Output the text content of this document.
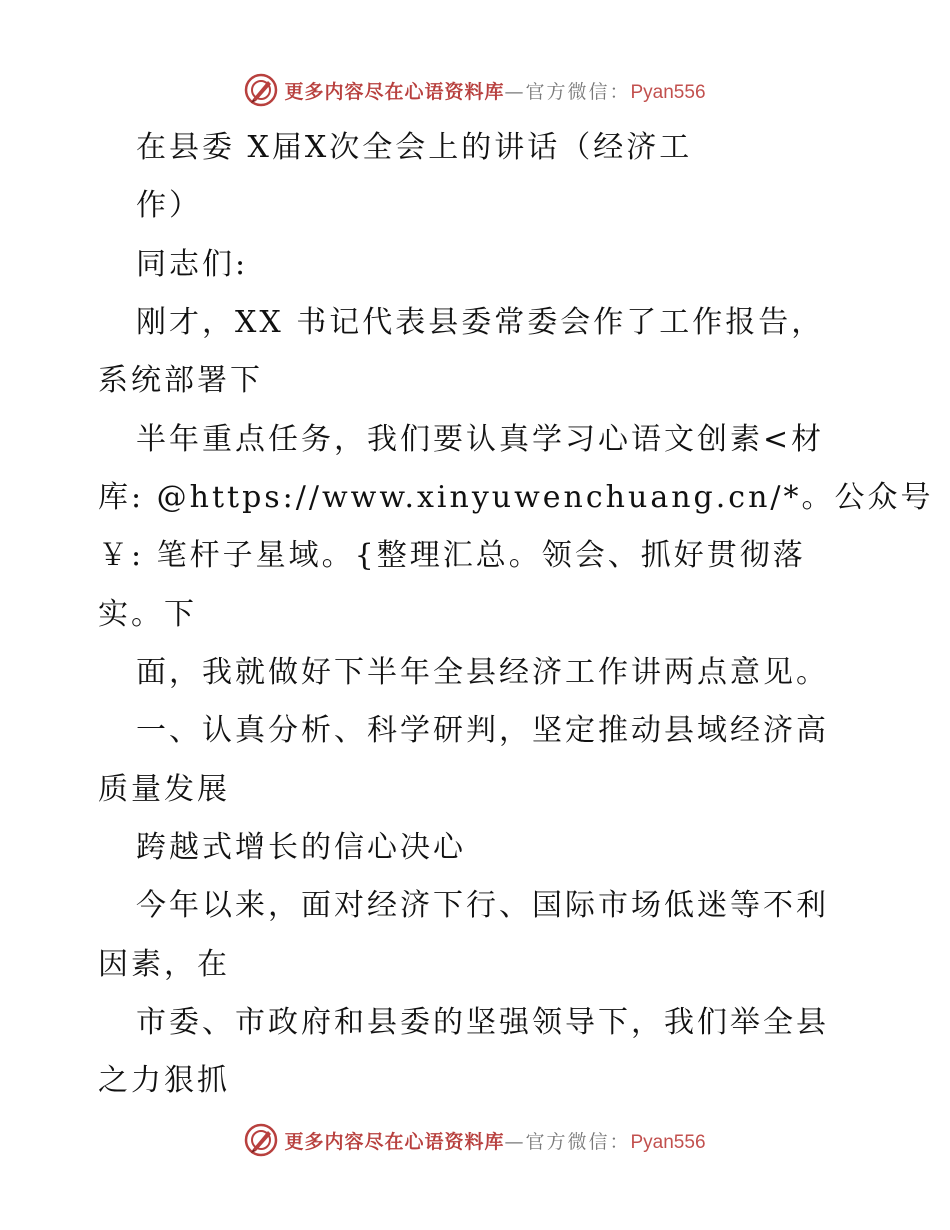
更多内容尽在心语资料库—官方微信：Pyan556
在县委 X届X次全会上的讲话（经济工
作）
同志们:
刚才，XX 书记代表县委常委会作了工作报告，
系统部署下
半年重点任务，我们要认真学习心语文创素<材
库: @https://www.xinyuwenchuang.cn/*。公众号
￥: 笔杆子星域。{整理汇总。领会、抓好贯彻落
实。下
面，我就做好下半年全县经济工作讲两点意见。
一、认真分析、科学研判，坚定推动县域经济高
质量发展
跨越式增长的信心决心
今年以来，面对经济下行、国际市场低迷等不利
因素，在
市委、市政府和县委的坚强领导下，我们举全县
之力狠抓
更多内容尽在心语资料库—官方微信：Pyan556
